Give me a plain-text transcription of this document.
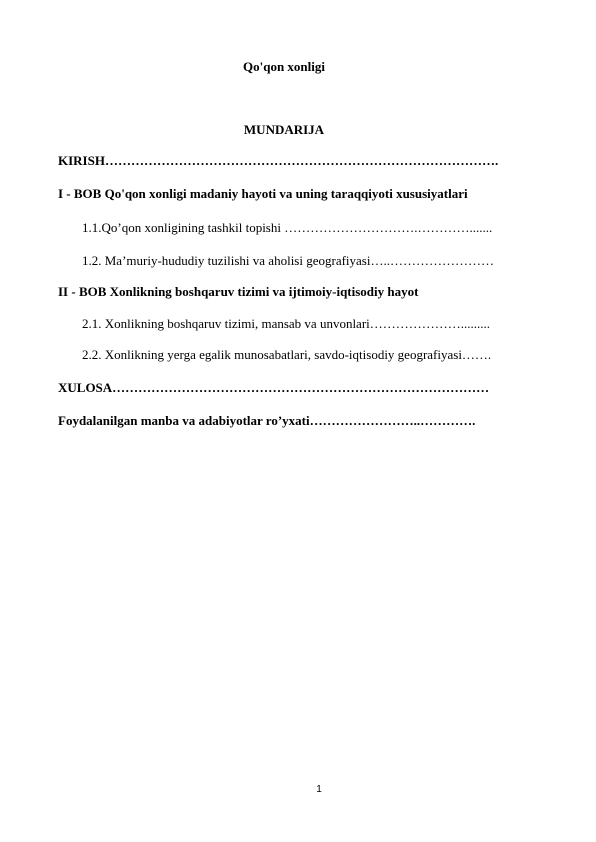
Qo'qon xonligi
MUNDARIJA
KIRISH……………………………………………………………………………….
I - BOB Qo'qon xonligi madaniy hayoti va uning taraqqiyoti xususiyatlari
1.1.Qo’qon xonligining tashkil topishi ………………………….………….......
1.2. Ma’muriy-hududiy tuzilishi va aholisi geografiyasi…..……………………
II - BOB Xonlikning boshqaruv tizimi va ijtimoiy-iqtisodiy hayot
2.1. Xonlikning boshqaruv tizimi, mansab va unvonlari………………….........
2.2. Xonlikning yerga egalik munosabatlari, savdo-iqtisodiy geografiyasi…….
XULOSA……………………………………………………………………………
Foydalanilgan manba va adabiyotlar ro’yxati……………………..………….
1
